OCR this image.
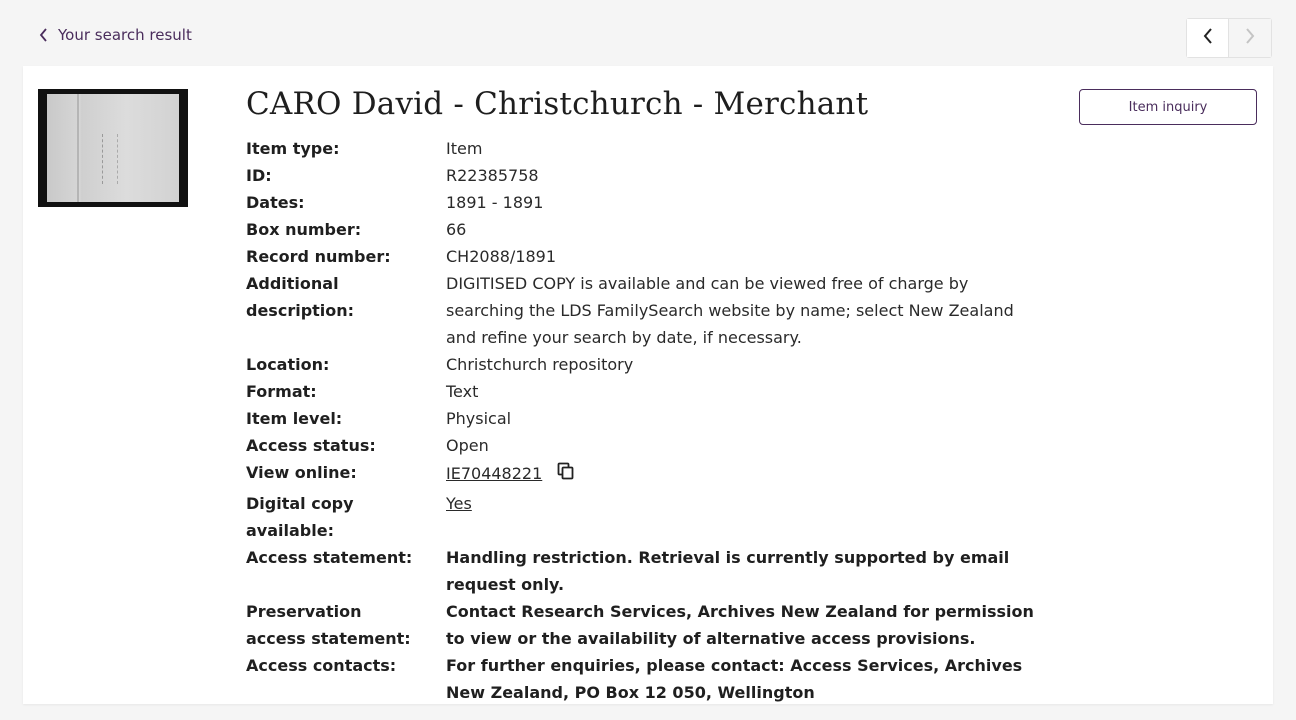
Your search result
CARO David - Christchurch - Merchant	Item inquiry
Item type:	Item
ID:	R22385758
Dates:	1891 - 1891
Box number:	66
Record number:	CH2088/1891
Additional description:
DIGITISED COPY is available and can be viewed free of charge by searching the LDS FamilySearch website by name; select New Zealand and refine your search by date, if necessary.
Location:	Christchurch repository
Format:	Text
Item level:	Physical
Access status:	Open
View online:	IE70448221
Digital copy available:
Yes
Access statement:	Handling restriction. Retrieval is currently supported by email request only.
Preservation access statement:
Contact Research Services, Archives New Zealand for permission to view or the availability of alternative access provisions.
Access contacts:	For further enquiries, please contact: Access Services, Archives New Zealand, PO Box 12 050, Wellington
